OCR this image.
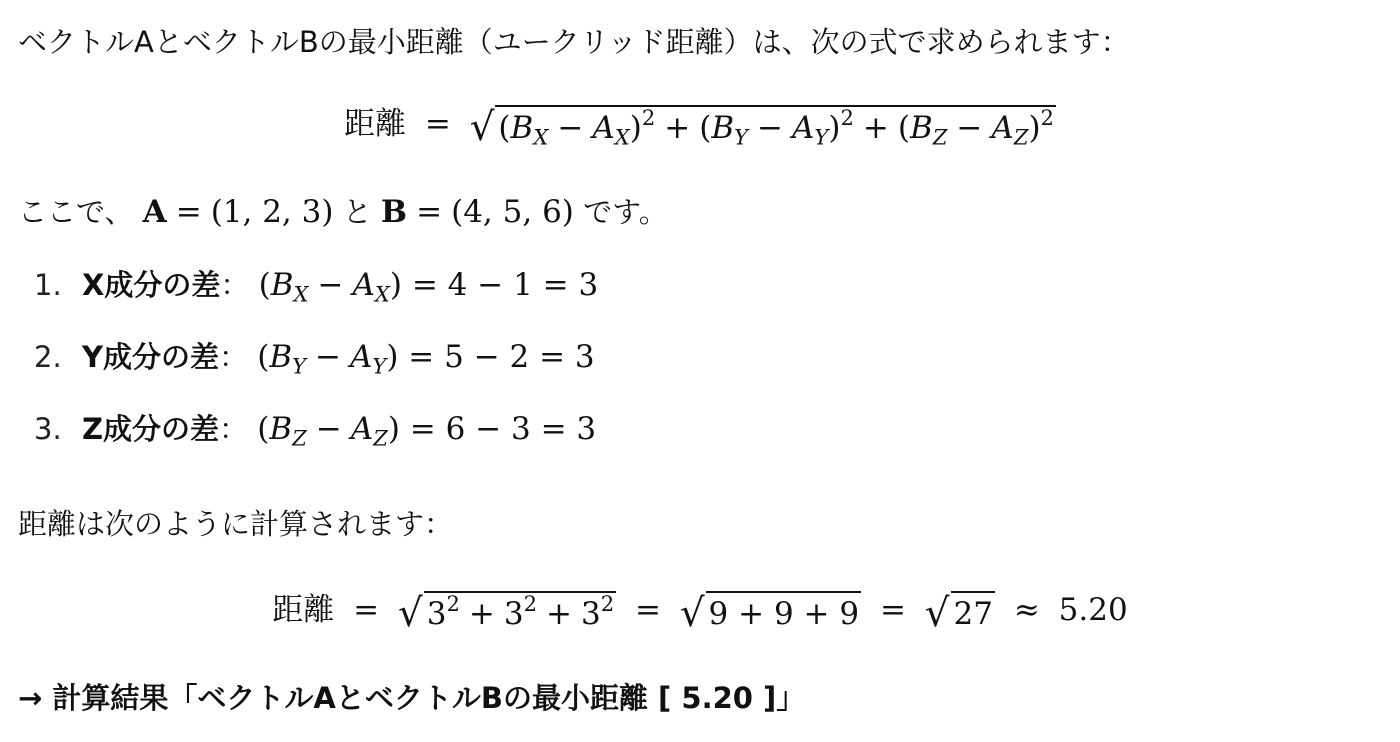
ベクトルAとベクトルBの最小距離（ユークリッド距離）は、次の式で求められます：
距離 = √ $(B_X - A_X)^2 + (B_Y - A_Y)^2 + (B_Z - A_Z)^2$
ここで、 A = (1, 2, 3) と B = (4, 5, 6) です。
1. X成分の差： $(B_X - A_X) = 4 - 1 = 3$
2. Y成分の差： $(B_Y - A_Y) = 5 - 2 = 3$
3. Z成分の差： $(B_Z - A_Z) = 6 - 3 = 3$
距離は次のように計算されます：
距離 = √ $3^2 + 3^2 + 3^2$ = √ 9 + 9 + 9 = √ 27 ≈ 5.20
→ 計算結果「ベクトルAとベクトルBの最小距離 [ 5.20 ]」
